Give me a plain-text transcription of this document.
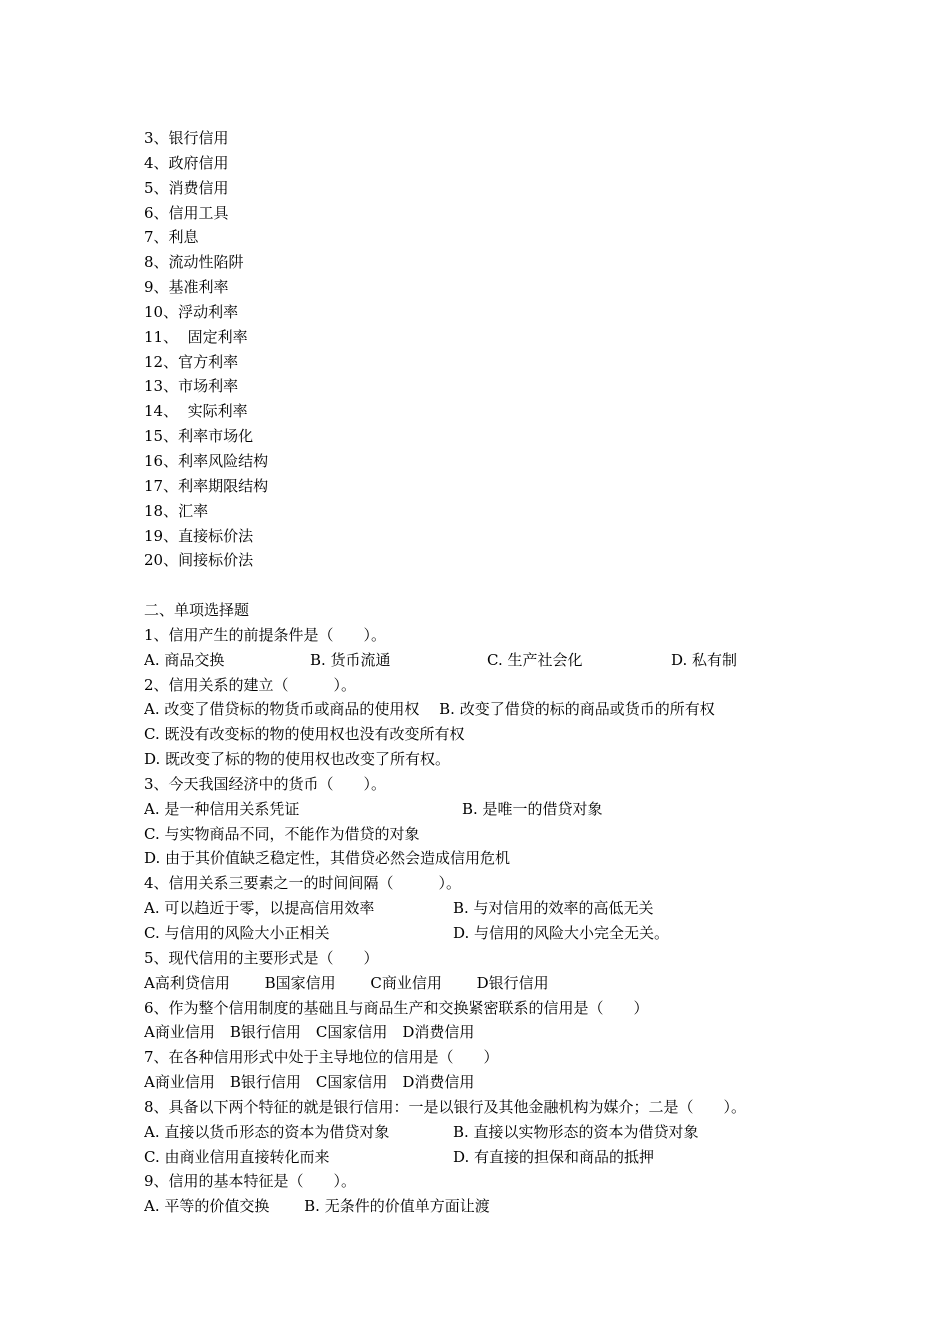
3、银行信用
4、政府信用
5、消费信用
6、信用工具
7、利息
8、流动性陷阱
9、基准利率
10、浮动利率
11、  固定利率
12、官方利率
13、市场利率
14、  实际利率
15、利率市场化
16、利率风险结构
17、利率期限结构
18、汇率
19、直接标价法
20、间接标价法
二、单项选择题
1、信用产生的前提条件是（　　）。

A. 商品交换

	B. 货币流通

	C. 生产社会化

	D. 私有制

2、信用关系的建立（　　　）。
A. 改变了借贷标的物货币或商品的使用权　 B. 改变了借贷的标的商品或货币的所有权
C. 既没有改变标的物的使用权也没有改变所有权
D. 既改变了标的物的使用权也改变了所有权。
3、今天我国经济中的货币（　　）。

A. 是一种信用关系凭证

	B. 是唯一的借贷对象

C. 与实物商品不同，不能作为借贷的对象
D. 由于其价值缺乏稳定性，其借贷必然会造成信用危机
4、信用关系三要素之一的时间间隔（　　　）。

A. 可以趋近于零，以提高信用效率

	B. 与对信用的效率的高低无关

C. 与信用的风险大小正相关

	D. 与信用的风险大小完全无关。

5、现代信用的主要形式是（　　）
A高利贷信用　　 B国家信用　　 C商业信用　　 D银行信用
6、作为整个信用制度的基础且与商品生产和交换紧密联系的信用是（　　）
A商业信用　B银行信用　C国家信用　D消费信用
7、在各种信用形式中处于主导地位的信用是（　　）
A商业信用　B银行信用　C国家信用　D消费信用
8、具备以下两个特征的就是银行信用：一是以银行及其他金融机构为媒介；二是（　　）。

A. 直接以货币形态的资本为借贷对象

	B. 直接以实物形态的资本为借贷对象

C. 由商业信用直接转化而来

	D. 有直接的担保和商品的抵押

9、信用的基本特征是（　　）。
A. 平等的价值交换　　 B. 无条件的价值单方面让渡
